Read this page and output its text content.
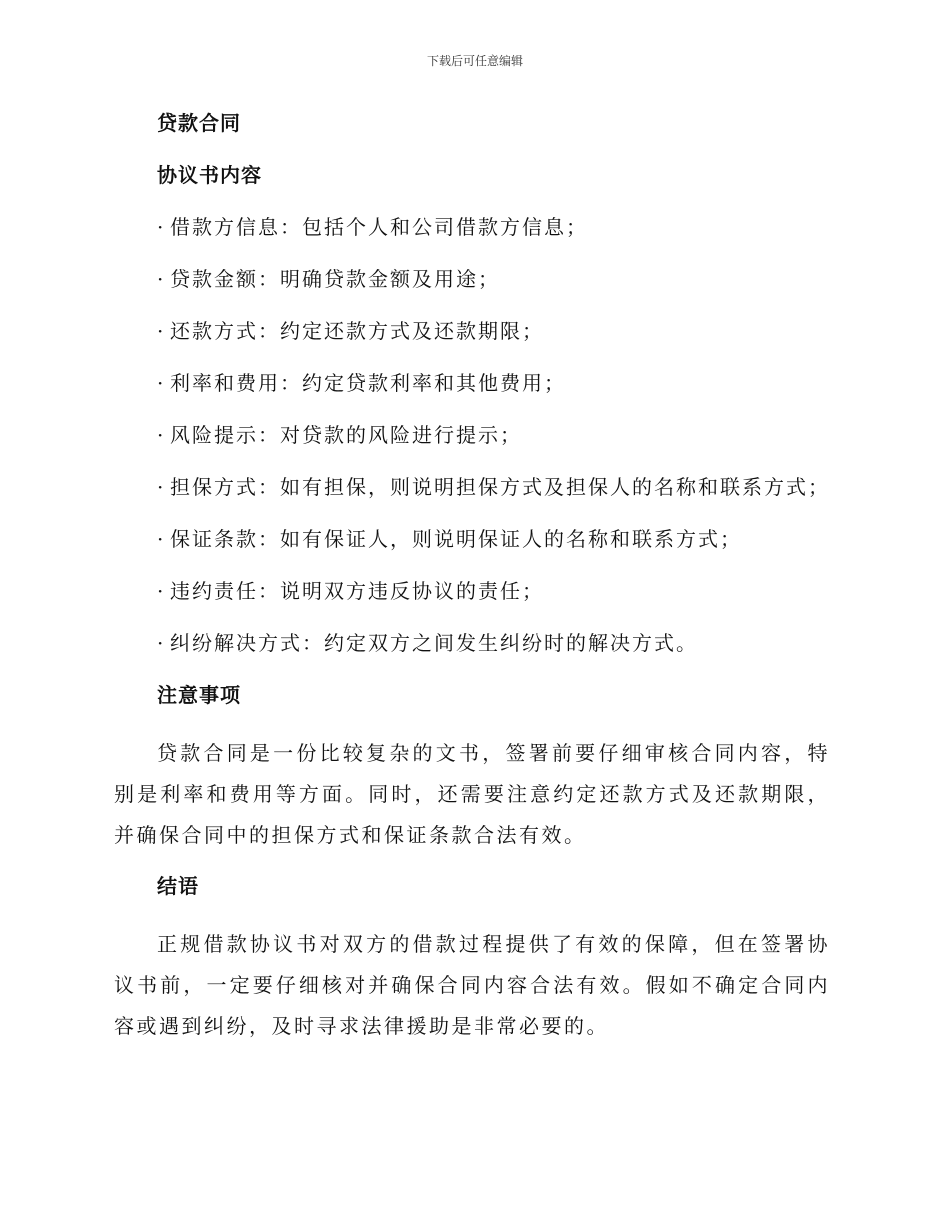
下载后可任意编辑
贷款合同
协议书内容
· 借款方信息：包括个人和公司借款方信息；
· 贷款金额：明确贷款金额及用途；
· 还款方式：约定还款方式及还款期限；
· 利率和费用：约定贷款利率和其他费用；
· 风险提示：对贷款的风险进行提示；
· 担保方式：如有担保，则说明担保方式及担保人的名称和联系方式；
· 保证条款：如有保证人，则说明保证人的名称和联系方式；
· 违约责任：说明双方违反协议的责任；
· 纠纷解决方式：约定双方之间发生纠纷时的解决方式。
注意事项

贷款合同是一份比较复杂的文书，签署前要仔细审核合同内容，特别是利率和费用等方面。同时，还需要注意约定还款方式及还款期限，并确保合同中的担保方式和保证条款合法有效。

结语

正规借款协议书对双方的借款过程提供了有效的保障，但在签署协议书前，一定要仔细核对并确保合同内容合法有效。假如不确定合同内容或遇到纠纷，及时寻求法律援助是非常必要的。
